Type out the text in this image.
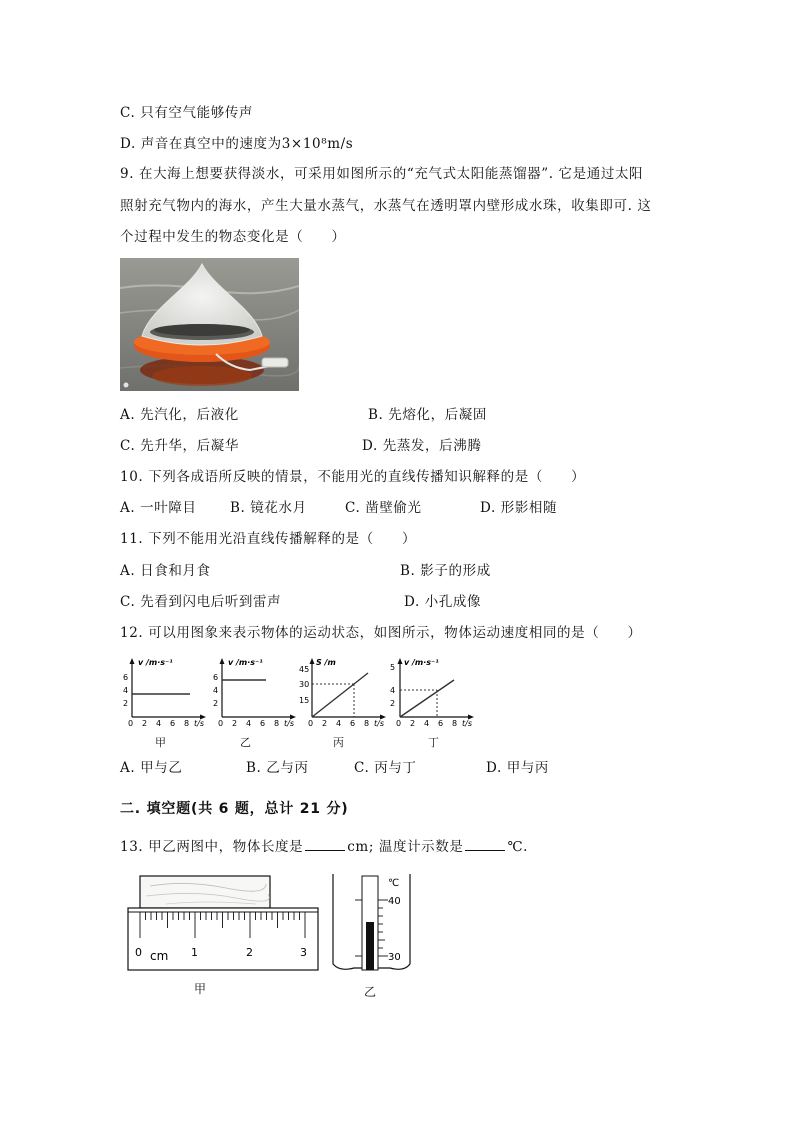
C. 只有空气能够传声
D. 声音在真空中的速度为3×10⁸m/s
9. 在大海上想要获得淡水，可采用如图所示的“充气式太阳能蒸馏器”. 它是通过太阳
照射充气物内的海水，产生大量水蒸气，水蒸气在透明罩内壁形成水珠，收集即可. 这
个过程中发生的物态变化是（　　）
A. 先汽化，后液化	B. 先熔化，后凝固
C. 先升华，后凝华	D. 先蒸发，后沸腾
10. 下列各成语所反映的情景，不能用光的直线传播知识解释的是（　　）
A. 一叶障目 B. 镜花水月	C. 凿壁偷光	D. 形影相随
11. 下列不能用光沿直线传播解释的是（　　）
A. 日食和月食	B. 影子的形成
C. 先看到闪电后听到雷声	D. 小孔成像
12. 可以用图象来表示物体的运动状态，如图所示，物体运动速度相同的是（　　）
v /m·s⁻¹
2
4
6
0 2 4 6 8 t/s
甲
v /m·s⁻¹
2
4
6
0 2 4 6 8 t/s
乙
S /m
15
30
45
0 2 4 6 8 t/s
丙
v /m·s⁻¹
2
4
5
0 2 4 6 8 t/s
丁
A. 甲与乙	B. 乙与丙	C. 丙与丁	D. 甲与丙
二. 填空题(共 6 题，总计 21 分)
13. 甲乙两图中，物体长度是	cm; 温度计示数是	℃.
0 cm 1	2	3
甲
℃
40
30
乙
